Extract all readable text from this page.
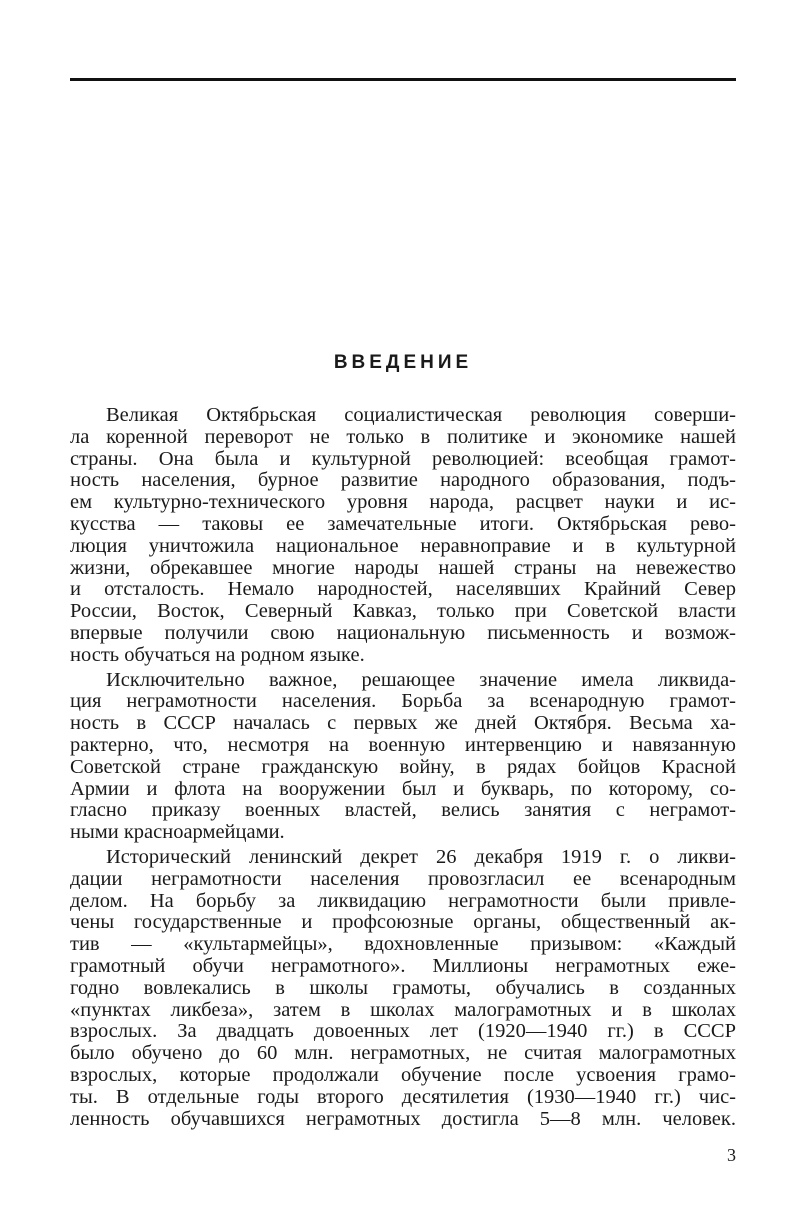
ВВЕДЕНИЕ
Великая Октябрьская социалистическая революция соверши-
ла коренной переворот не только в политике и экономике нашей
страны. Она была и культурной революцией: всеобщая грамот-
ность населения, бурное развитие народного образования, подъ-
ем культурно-технического уровня народа, расцвет науки и ис-
кусства — таковы ее замечательные итоги. Октябрьская рево-
люция уничтожила национальное неравноправие и в культурной
жизни, обрекавшее многие народы нашей страны на невежество
и отсталость. Немало народностей, населявших Крайний Север
России, Восток, Северный Кавказ, только при Советской власти
впервые получили свою национальную письменность и возмож-
ность обучаться на родном языке.
Исключительно важное, решающее значение имела ликвида-
ция неграмотности населения. Борьба за всенародную грамот-
ность в СССР началась с первых же дней Октября. Весьма ха-
рактерно, что, несмотря на военную интервенцию и навязанную
Советской стране гражданскую войну, в рядах бойцов Красной
Армии и флота на вооружении был и букварь, по которому, со-
гласно приказу военных властей, велись занятия с неграмот-
ными красноармейцами.
Исторический ленинский декрет 26 декабря 1919 г. о ликви-
дации неграмотности населения провозгласил ее всенародным
делом. На борьбу за ликвидацию неграмотности были привле-
чены государственные и профсоюзные органы, общественный ак-
тив — «культармейцы», вдохновленные призывом: «Каждый
грамотный обучи неграмотного». Миллионы неграмотных еже-
годно вовлекались в школы грамоты, обучались в созданных
«пунктах ликбеза», затем в школах малограмотных и в школах
взрослых. За двадцать довоенных лет (1920—1940 гг.) в СССР
было обучено до 60 млн. неграмотных, не считая малограмотных
взрослых, которые продолжали обучение после усвоения грамо-
ты. В отдельные годы второго десятилетия (1930—1940 гг.) чис-
ленность обучавшихся неграмотных достигла 5—8 млн. человек.
3
